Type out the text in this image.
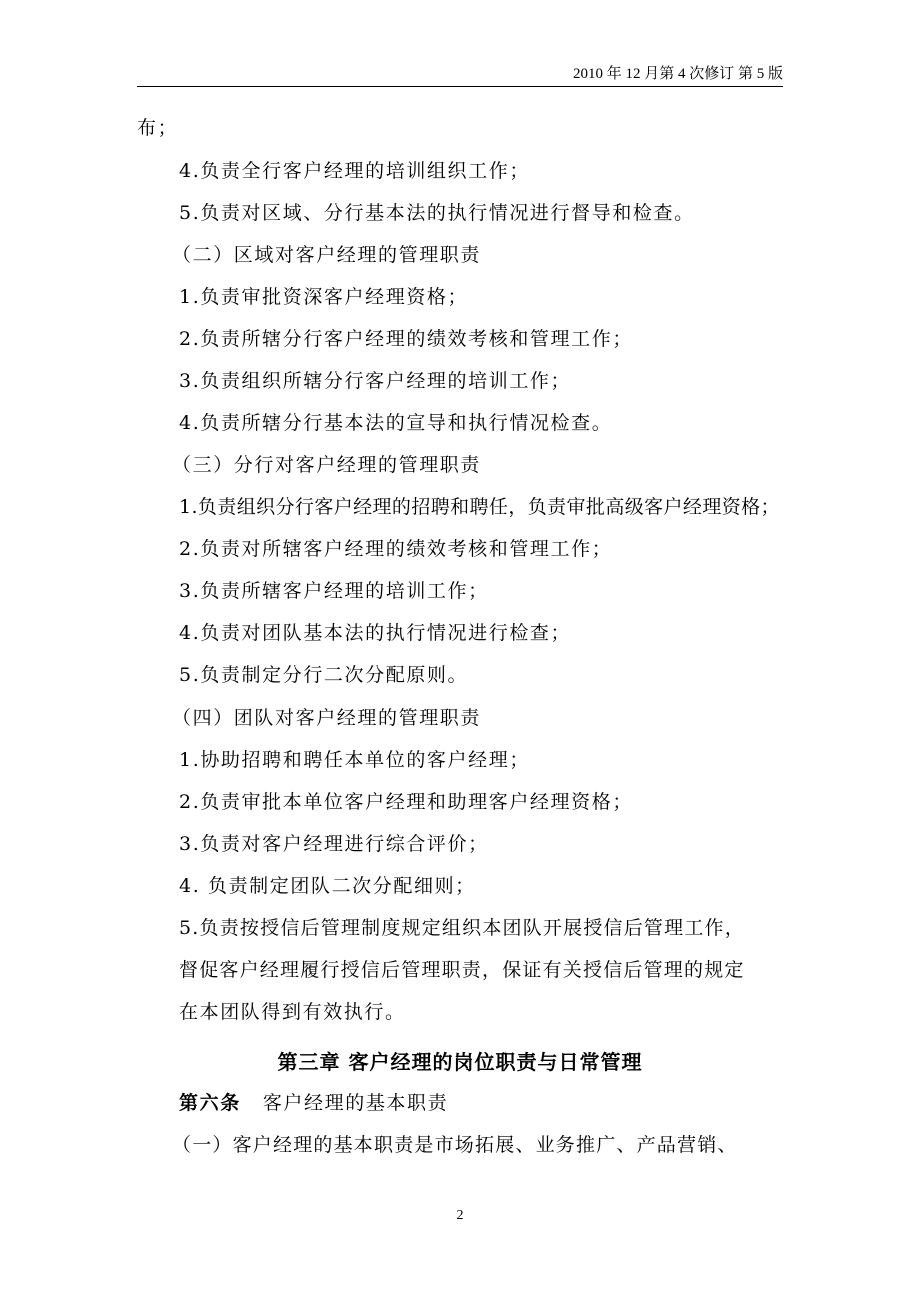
2010 年 12 月第 4 次修订 第 5 版
布；
4.负责全行客户经理的培训组织工作；
5.负责对区域、分行基本法的执行情况进行督导和检查。
（二）区域对客户经理的管理职责
1.负责审批资深客户经理资格；
2.负责所辖分行客户经理的绩效考核和管理工作；
3.负责组织所辖分行客户经理的培训工作；
4.负责所辖分行基本法的宣导和执行情况检查。
（三）分行对客户经理的管理职责
1.负责组织分行客户经理的招聘和聘任，负责审批高级客户经理资格；
2.负责对所辖客户经理的绩效考核和管理工作；
3.负责所辖客户经理的培训工作；
4.负责对团队基本法的执行情况进行检查；
5.负责制定分行二次分配原则。
（四）团队对客户经理的管理职责
1.协助招聘和聘任本单位的客户经理；
2.负责审批本单位客户经理和助理客户经理资格；
3.负责对客户经理进行综合评价；
4. 负责制定团队二次分配细则；
5.负责按授信后管理制度规定组织本团队开展授信后管理工作，
督促客户经理履行授信后管理职责，保证有关授信后管理的规定
在本团队得到有效执行。
第三章 客户经理的岗位职责与日常管理
第六条 客户经理的基本职责
（一）客户经理的基本职责是市场拓展、业务推广、产品营销、
2
